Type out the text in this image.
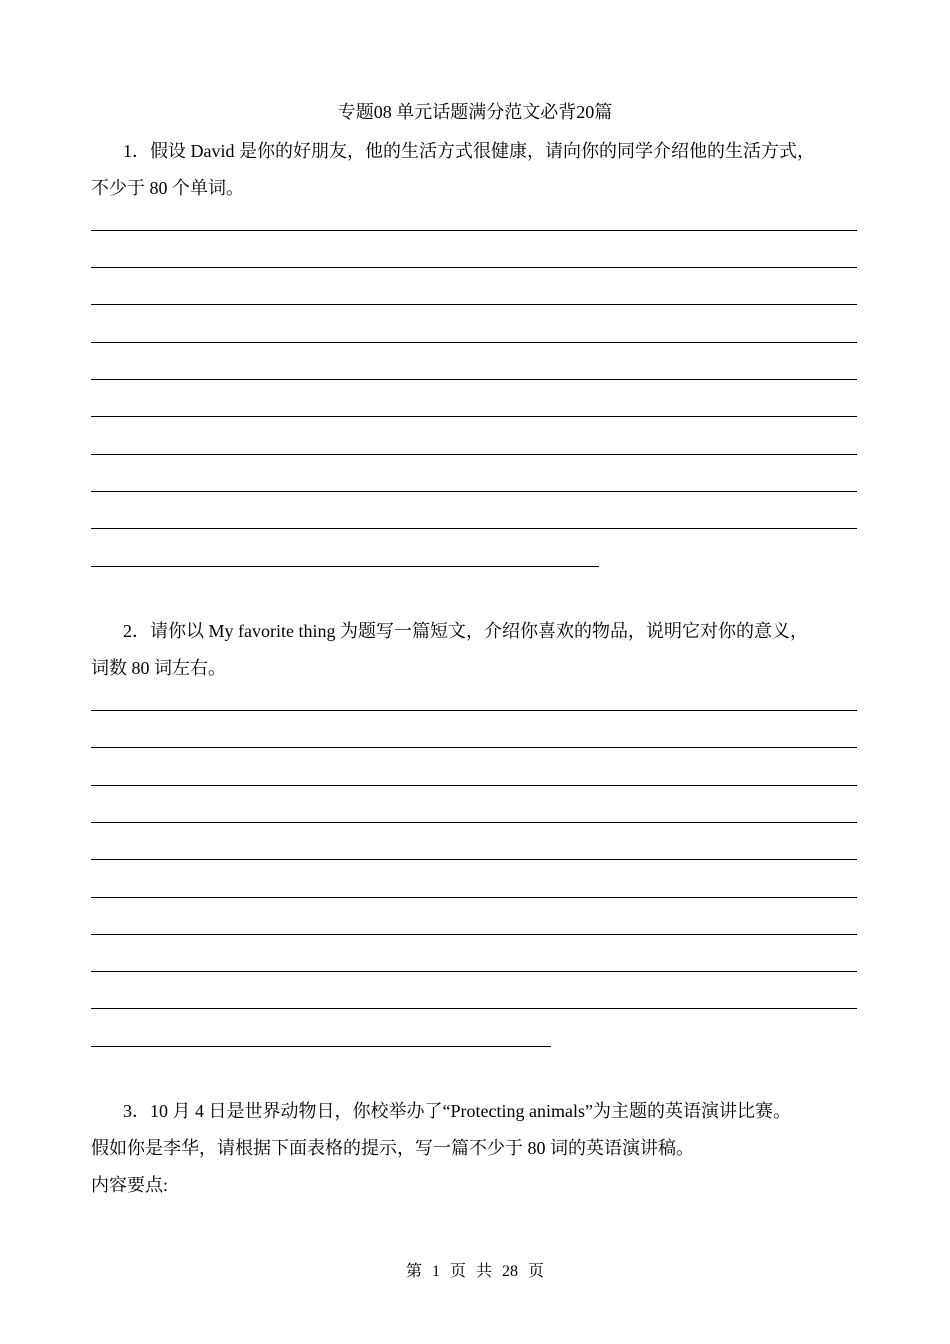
专题08 单元话题满分范文必背20篇
1．假设 David 是你的好朋友，他的生活方式很健康，请向你的同学介绍他的生活方式，
不少于 80 个单词。
2．请你以 My favorite thing 为题写一篇短文，介绍你喜欢的物品，说明它对你的意义，
词数 80 词左右。
3．10 月 4 日是世界动物日，你校举办了“Protecting animals”为主题的英语演讲比赛。
假如你是李华，请根据下面表格的提示，写一篇不少于 80 词的英语演讲稿。
内容要点:
第 1 页 共 28 页
